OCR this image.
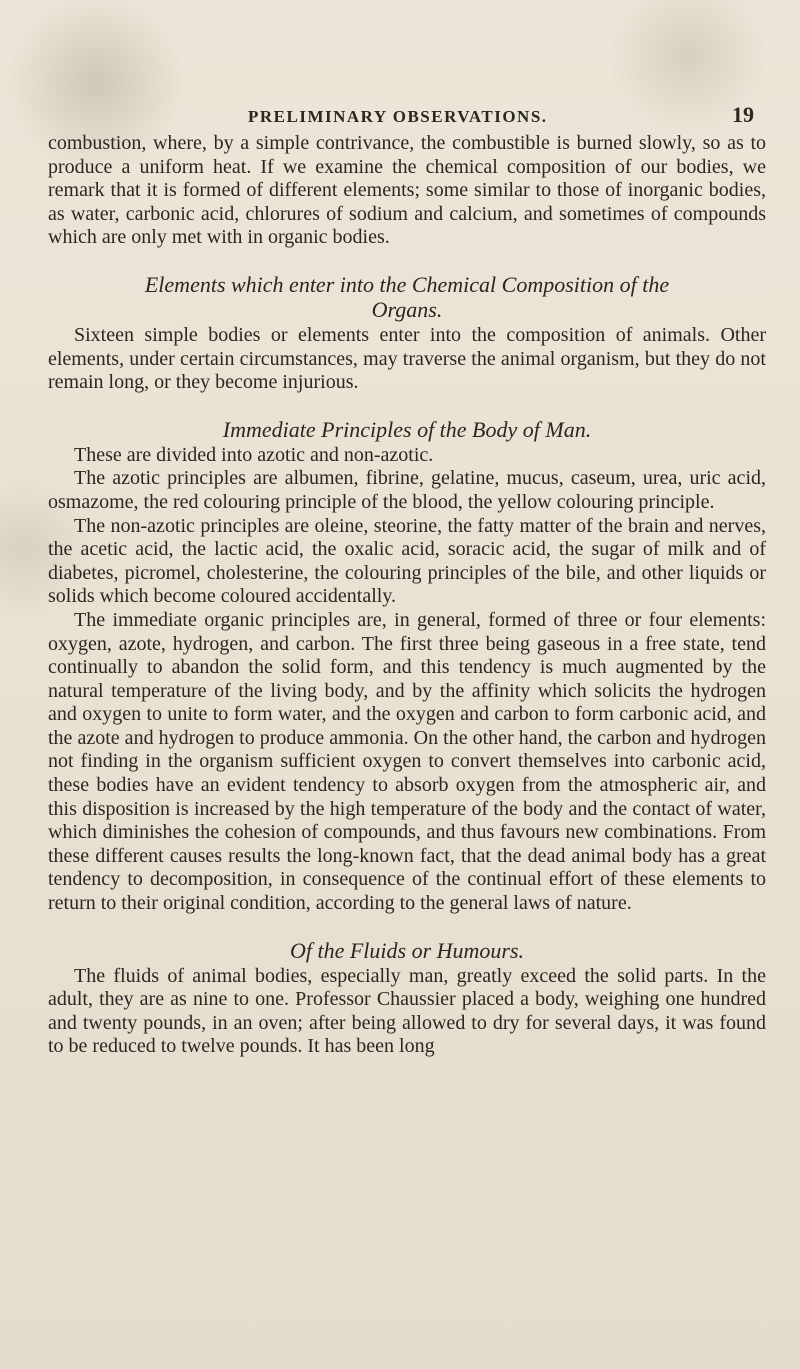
PRELIMINARY OBSERVATIONS.	19

combustion, where, by a simple contrivance, the combustible is burned slowly, so as to produce a uniform heat. If we examine the chemical composition of our bodies, we remark that it is formed of different elements; some similar to those of inorganic bodies, as water, carbonic acid, chlorures of sodium and calcium, and sometimes of compounds which are only met with in organic bodies.

Elements which enter into the Chemical Composition of the
Organs.

Sixteen simple bodies or elements enter into the composition of animals. Other elements, under certain circumstances, may traverse the animal organism, but they do not remain long, or they become injurious.

Immediate Principles of the Body of Man.

These are divided into azotic and non-azotic.

The azotic principles are albumen, fibrine, gelatine, mucus, caseum, urea, uric acid, osmazome, the red colouring principle of the blood, the yellow colouring principle.

The non-azotic principles are oleine, steorine, the fatty matter of the brain and nerves, the acetic acid, the lactic acid, the oxalic acid, soracic acid, the sugar of milk and of diabetes, picromel, cholesterine, the colouring principles of the bile, and other liquids or solids which become coloured accidentally.

The immediate organic principles are, in general, formed of three or four elements: oxygen, azote, hydrogen, and carbon. The first three being gaseous in a free state, tend continually to abandon the solid form, and this tendency is much augmented by the natural temperature of the living body, and by the affinity which solicits the hydrogen and oxygen to unite to form water, and the oxygen and carbon to form carbonic acid, and the azote and hydrogen to produce ammonia. On the other hand, the carbon and hydrogen not finding in the organism sufficient oxygen to convert themselves into carbonic acid, these bodies have an evident tendency to absorb oxygen from the atmospheric air, and this disposition is increased by the high temperature of the body and the contact of water, which diminishes the cohesion of compounds, and thus favours new combinations. From these different causes results the long-known fact, that the dead animal body has a great tendency to decomposition, in consequence of the continual effort of these elements to return to their original condition, according to the general laws of nature.

Of the Fluids or Humours.

The fluids of animal bodies, especially man, greatly exceed the solid parts. In the adult, they are as nine to one. Professor Chaussier placed a body, weighing one hundred and twenty pounds, in an oven; after being allowed to dry for several days, it was found to be reduced to twelve pounds. It has been long
